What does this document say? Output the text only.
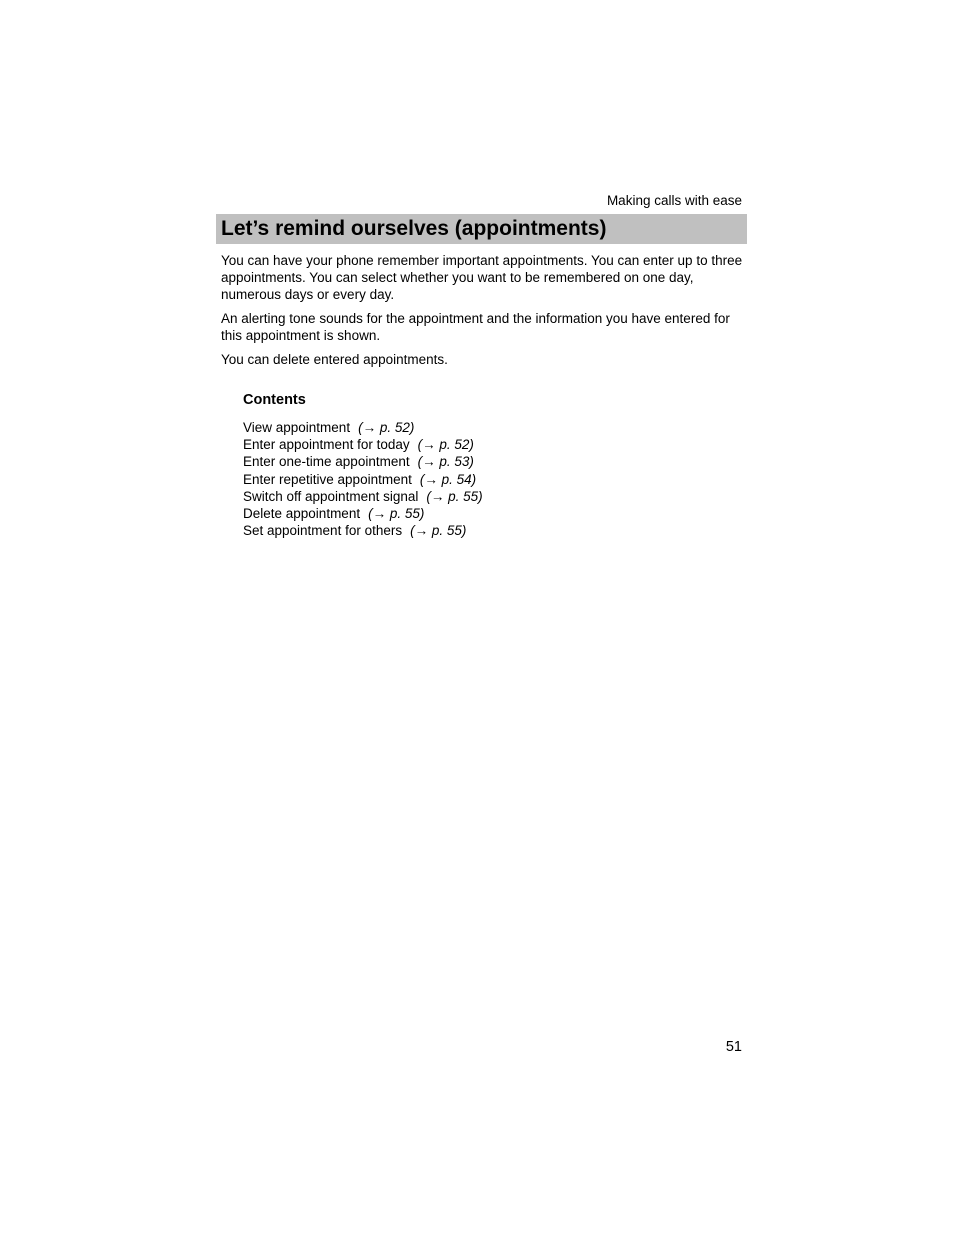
Making calls with ease
Let’s remind ourselves (appointments)

You can have your phone remember important appointments. You can enter up to three appointments. You can select whether you want to be remembered on one day, numerous days or every day.

An alerting tone sounds for the appointment and the information you have entered for this appointment is shown.

You can delete entered appointments.

Contents
View appointment (→ p. 52)
Enter appointment for today (→ p. 52)
Enter one-time appointment (→ p. 53)
Enter repetitive appointment (→ p. 54)
Switch off appointment signal (→ p. 55)
Delete appointment (→ p. 55)
Set appointment for others (→ p. 55)
51
